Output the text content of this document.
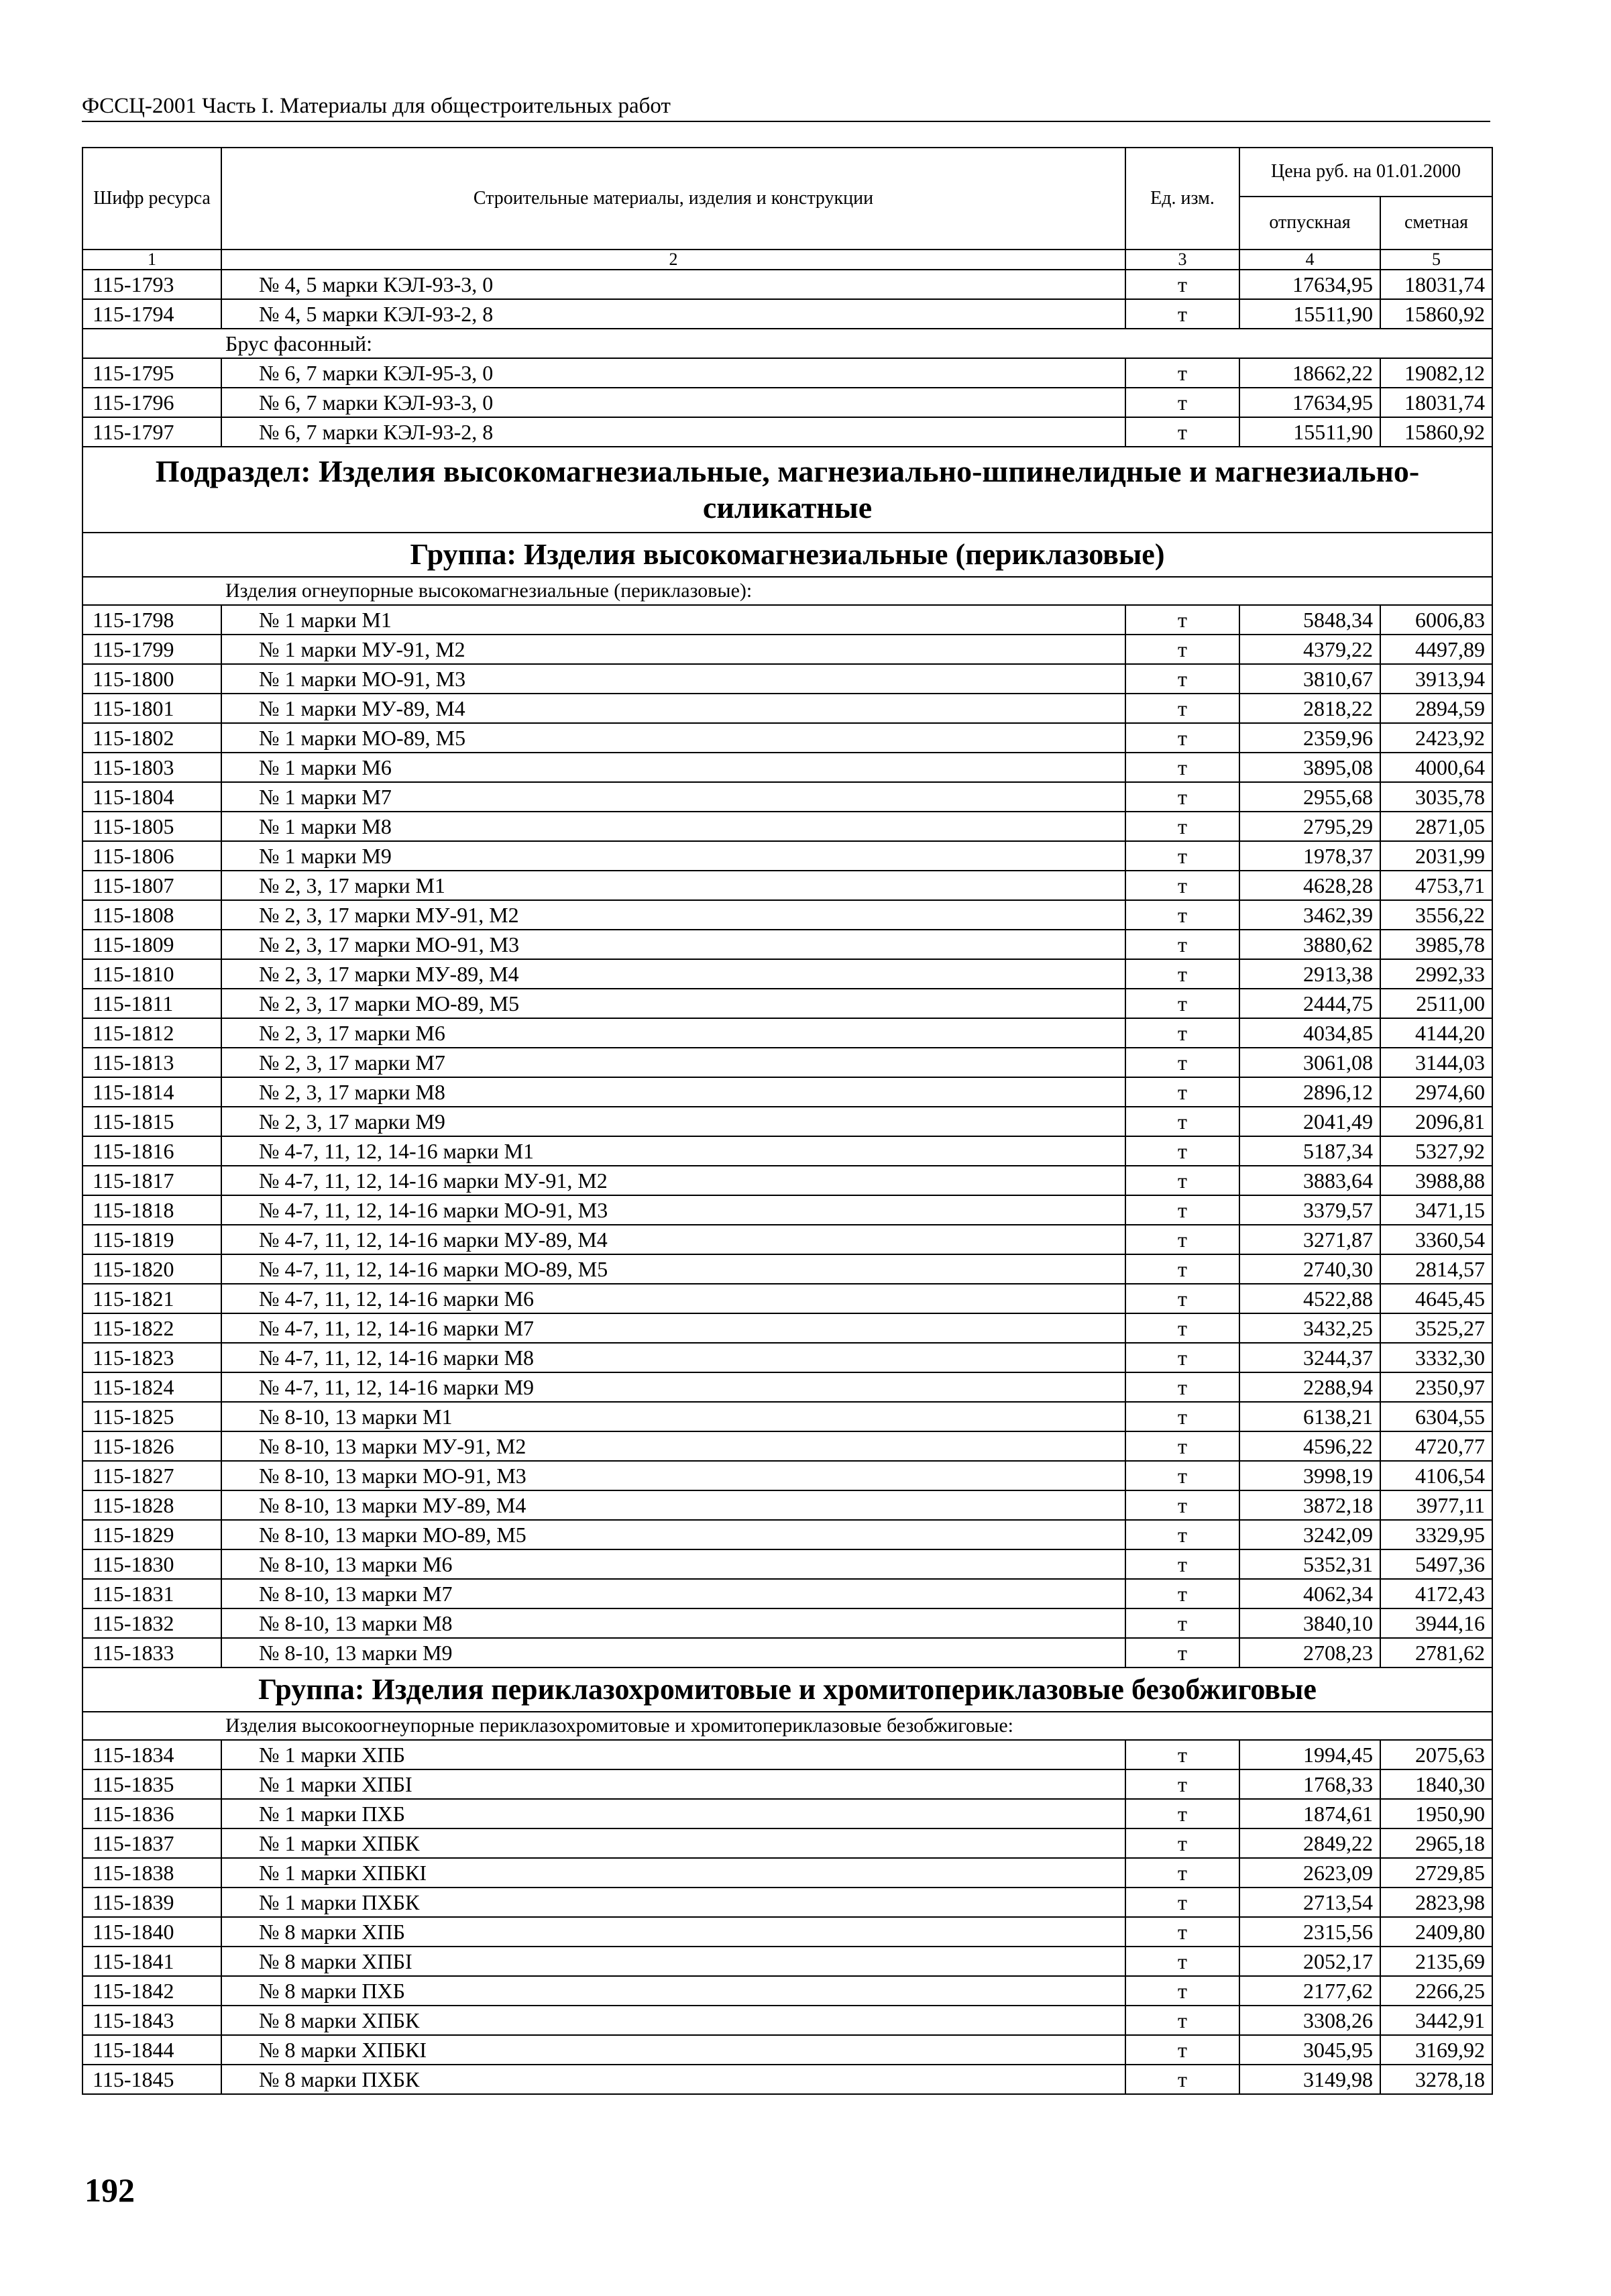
ФССЦ-2001 Часть I. Материалы для общестроительных работ
Шифр ресурса	Строительные материалы, изделия и конструкции	Ед. изм.	Цена руб. на 01.01.2000	
			отпускная	сметная
1	2	3	4	5
115-1793	№ 4, 5 марки КЭЛ-93-3, 0	т	17634,95	18031,74
115-1794	№ 4, 5 марки КЭЛ-93-2, 8	т	15511,90	15860,92
Брус фасонный:				
115-1795	№ 6, 7 марки КЭЛ-95-3, 0	т	18662,22	19082,12
115-1796	№ 6, 7 марки КЭЛ-93-3, 0	т	17634,95	18031,74
115-1797	№ 6, 7 марки КЭЛ-93-2, 8	т	15511,90	15860,92
Подраздел: Изделия высокомагнезиальные, магнезиально-шпинелидные и магнезиально-силикатные				
Группа: Изделия высокомагнезиальные (периклазовые)				
Изделия огнеупорные высокомагнезиальные (периклазовые):				
115-1798	№ 1 марки М1	т	5848,34	6006,83
115-1799	№ 1 марки МУ-91, М2	т	4379,22	4497,89
115-1800	№ 1 марки МО-91, М3	т	3810,67	3913,94
115-1801	№ 1 марки МУ-89, М4	т	2818,22	2894,59
115-1802	№ 1 марки МО-89, М5	т	2359,96	2423,92
115-1803	№ 1 марки М6	т	3895,08	4000,64
115-1804	№ 1 марки М7	т	2955,68	3035,78
115-1805	№ 1 марки М8	т	2795,29	2871,05
115-1806	№ 1 марки М9	т	1978,37	2031,99
115-1807	№ 2, 3, 17 марки М1	т	4628,28	4753,71
115-1808	№ 2, 3, 17 марки МУ-91, М2	т	3462,39	3556,22
115-1809	№ 2, 3, 17 марки МО-91, М3	т	3880,62	3985,78
115-1810	№ 2, 3, 17 марки МУ-89, М4	т	2913,38	2992,33
115-1811	№ 2, 3, 17 марки МО-89, М5	т	2444,75	2511,00
115-1812	№ 2, 3, 17 марки М6	т	4034,85	4144,20
115-1813	№ 2, 3, 17 марки М7	т	3061,08	3144,03
115-1814	№ 2, 3, 17 марки М8	т	2896,12	2974,60
115-1815	№ 2, 3, 17 марки М9	т	2041,49	2096,81
115-1816	№ 4-7, 11, 12, 14-16 марки М1	т	5187,34	5327,92
115-1817	№ 4-7, 11, 12, 14-16 марки МУ-91, М2	т	3883,64	3988,88
115-1818	№ 4-7, 11, 12, 14-16 марки МО-91, М3	т	3379,57	3471,15
115-1819	№ 4-7, 11, 12, 14-16 марки МУ-89, М4	т	3271,87	3360,54
115-1820	№ 4-7, 11, 12, 14-16 марки МО-89, М5	т	2740,30	2814,57
115-1821	№ 4-7, 11, 12, 14-16 марки М6	т	4522,88	4645,45
115-1822	№ 4-7, 11, 12, 14-16 марки М7	т	3432,25	3525,27
115-1823	№ 4-7, 11, 12, 14-16 марки М8	т	3244,37	3332,30
115-1824	№ 4-7, 11, 12, 14-16 марки М9	т	2288,94	2350,97
115-1825	№ 8-10, 13 марки М1	т	6138,21	6304,55
115-1826	№ 8-10, 13 марки МУ-91, М2	т	4596,22	4720,77
115-1827	№ 8-10, 13 марки МО-91, М3	т	3998,19	4106,54
115-1828	№ 8-10, 13 марки МУ-89, М4	т	3872,18	3977,11
115-1829	№ 8-10, 13 марки МО-89, М5	т	3242,09	3329,95
115-1830	№ 8-10, 13 марки М6	т	5352,31	5497,36
115-1831	№ 8-10, 13 марки М7	т	4062,34	4172,43
115-1832	№ 8-10, 13 марки М8	т	3840,10	3944,16
115-1833	№ 8-10, 13 марки М9	т	2708,23	2781,62
Группа: Изделия периклазохромитовые и хромитопериклазовые безобжиговые				
Изделия высокоогнеупорные периклазохромитовые и хромитопериклазовые безобжиговые:				
115-1834	№ 1 марки ХПБ	т	1994,45	2075,63
115-1835	№ 1 марки ХПБI	т	1768,33	1840,30
115-1836	№ 1 марки ПХБ	т	1874,61	1950,90
115-1837	№ 1 марки ХПБК	т	2849,22	2965,18
115-1838	№ 1 марки ХПБКI	т	2623,09	2729,85
115-1839	№ 1 марки ПХБК	т	2713,54	2823,98
115-1840	№ 8 марки ХПБ	т	2315,56	2409,80
115-1841	№ 8 марки ХПБI	т	2052,17	2135,69
115-1842	№ 8 марки ПХБ	т	2177,62	2266,25
115-1843	№ 8 марки ХПБК	т	3308,26	3442,91
115-1844	№ 8 марки ХПБКI	т	3045,95	3169,92
115-1845	№ 8 марки ПХБК	т	3149,98	3278,18
192
